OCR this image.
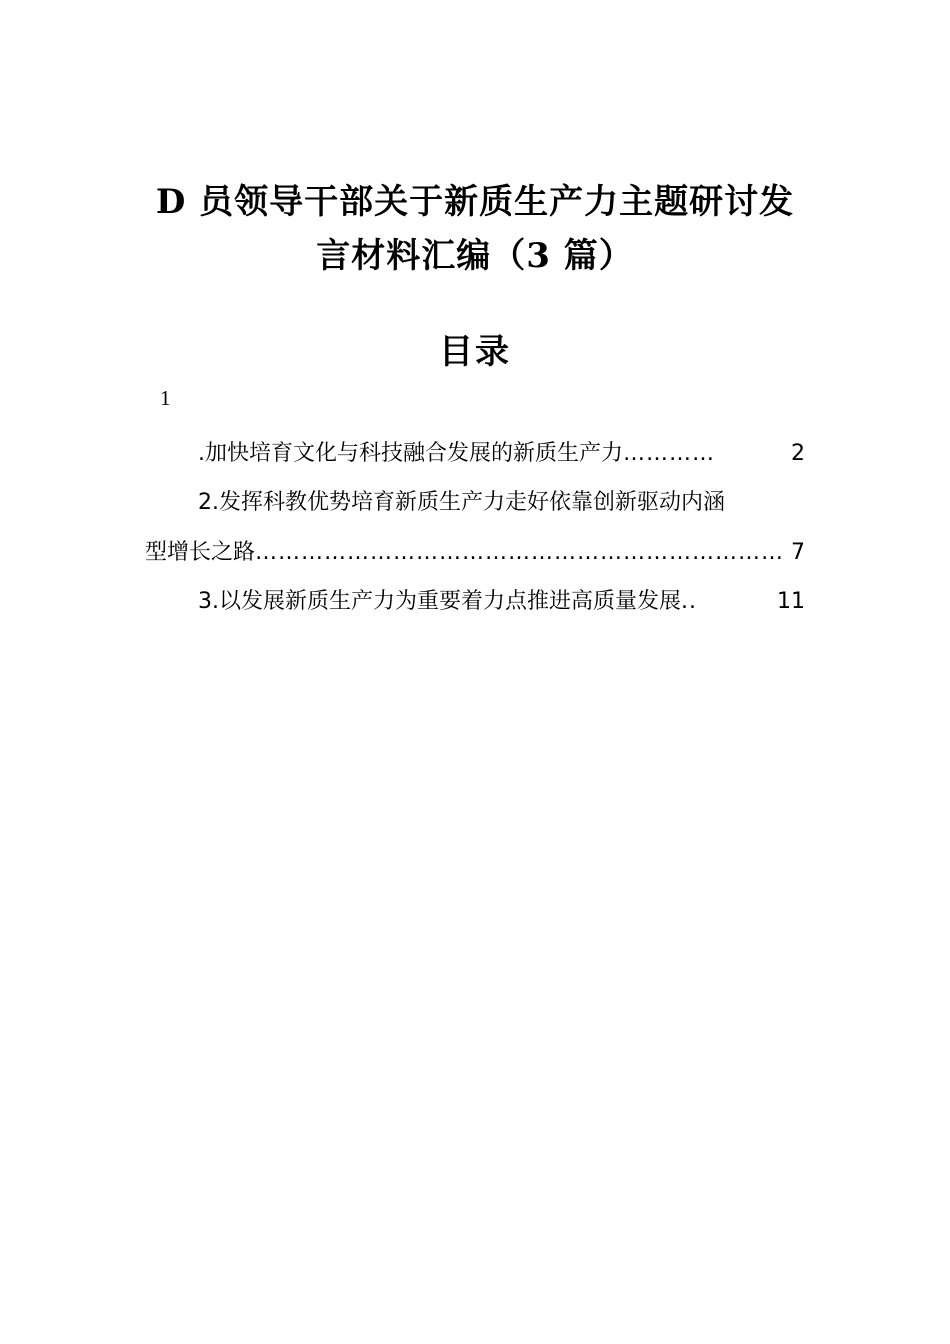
D 员领导干部关于新质生产力主题研讨发
言材料汇编（3 篇）
目录
1
.加快培育文化与科技融合发展的新质生产力 …………	2
2.发挥科教优势培育新质生产力走好依靠创新驱动内涵
型增长之路 …………………………………………………………… 7
3.以发展新质生产力为重要着力点推进高质量发展 ..	11
